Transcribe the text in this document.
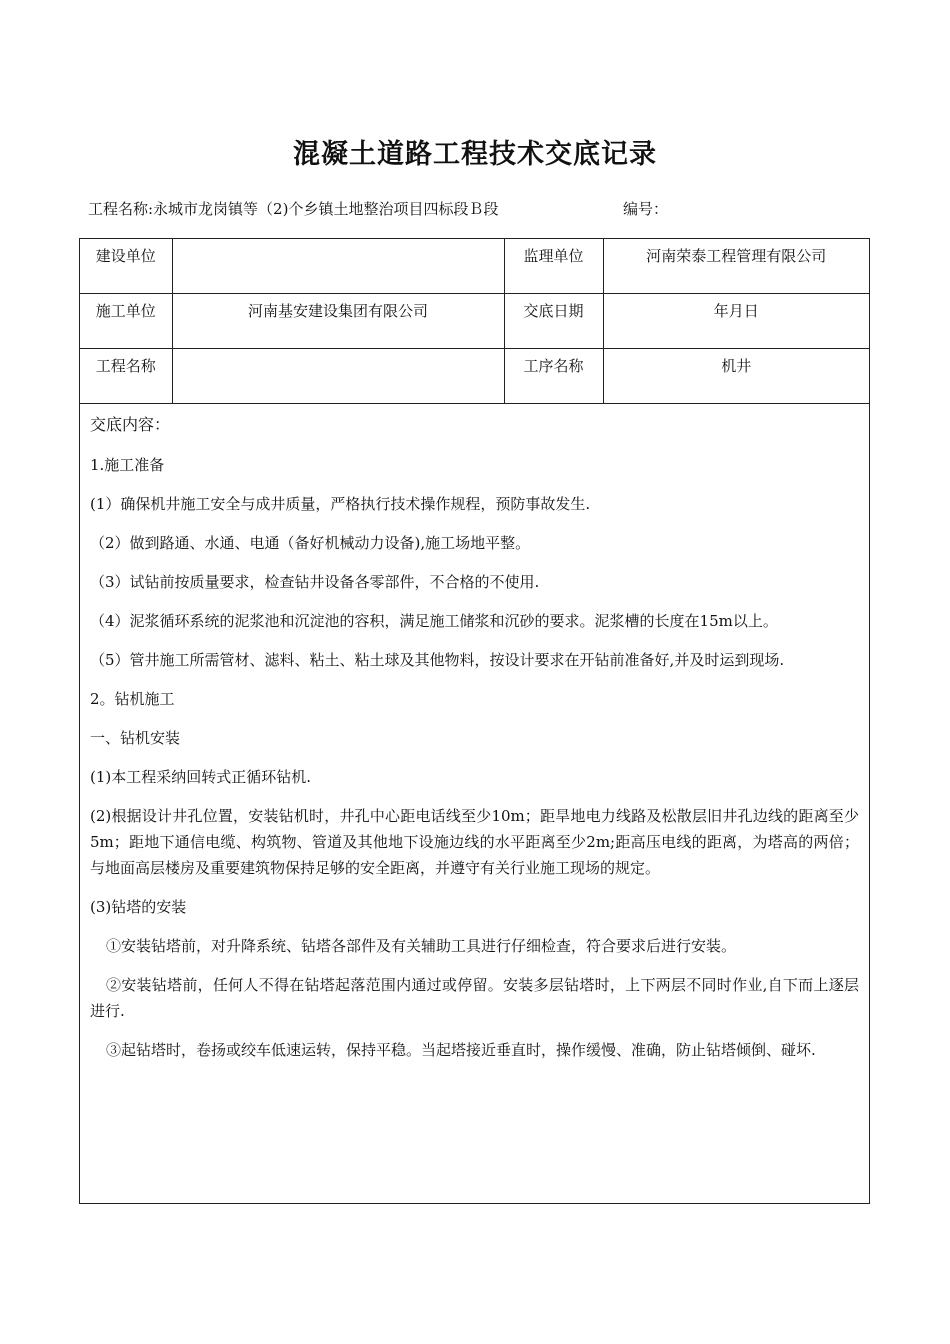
混凝土道路工程技术交底记录
工程名称:永城市龙岗镇等（2)个乡镇土地整治项目四标段Ｂ段	编号：
建设单位		监理单位	河南荣泰工程管理有限公司
施工单位	河南基安建设集团有限公司	交底日期	年月日
工程名称		工序名称	机井
交底内容：

1.施工准备

(1）确保机井施工安全与成井质量，严格执行技术操作规程，预防事故发生.

（2）做到路通、水通、电通（备好机械动力设备),施工场地平整。

（3）试钻前按质量要求，检查钻井设备各零部件，不合格的不使用.

（4）泥浆循环系统的泥浆池和沉淀池的容积，满足施工储浆和沉砂的要求。泥浆槽的长度在15m以上。

（5）管井施工所需管材、滤料、粘土、粘土球及其他物料，按设计要求在开钻前准备好,并及时运到现场.

2。钻机施工

一、钻机安装

(1)本工程采纳回转式正循环钻机.

(2)根据设计井孔位置，安装钻机时，井孔中心距电话线至少10m；距旱地电力线路及松散层旧井孔边线的距离至少5m；距地下通信电缆、构筑物、管道及其他地下设施边线的水平距离至少2m;距高压电线的距离，为塔高的两倍；与地面高层楼房及重要建筑物保持足够的安全距离，并遵守有关行业施工现场的规定。

(3)钻塔的安装

①安装钻塔前，对升降系统、钻塔各部件及有关辅助工具进行仔细检查，符合要求后进行安装。

②安装钻塔前，任何人不得在钻塔起落范围内通过或停留。安装多层钻塔时，上下两层不同时作业,自下而上逐层进行.

③起钻塔时，卷扬或绞车低速运转，保持平稳。当起塔接近垂直时，操作缓慢、准确，防止钻塔倾倒、碰坏.
